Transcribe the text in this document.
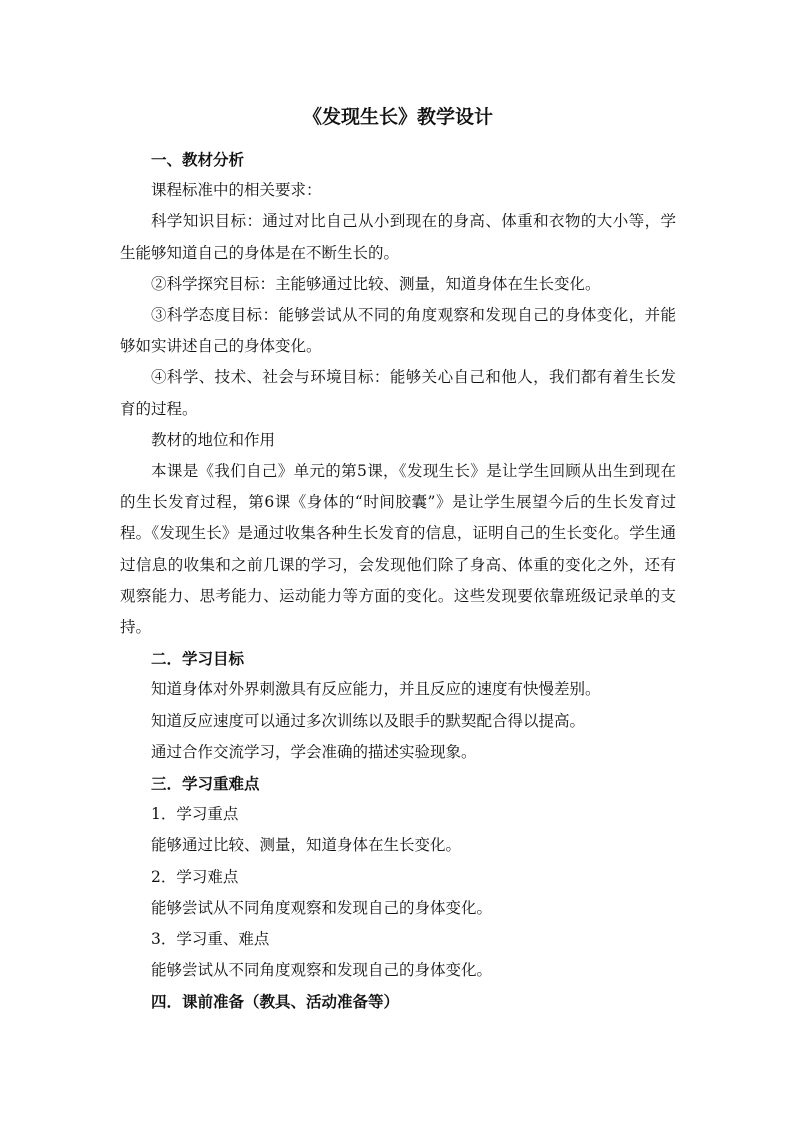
《发现生长》教学设计

一、教材分析

课程标准中的相关要求：

科学知识目标：通过对比自己从小到现在的身高、体重和衣物的大小等，学生能够知道自己的身体是在不断生长的。

②科学探究目标：主能够通过比较、测量，知道身体在生长变化。

③科学态度目标：能够尝试从不同的角度观察和发现自己的身体变化，并能够如实讲述自己的身体变化。

④科学、技术、社会与环境目标：能够关心自己和他人，我们都有着生长发育的过程。

教材的地位和作用

本课是《我们自己》单元的第5课，《发现生长》是让学生回顾从出生到现在的生长发育过程，第6课《身体的“时间胶囊”》是让学生展望今后的生长发育过程。《发现生长》是通过收集各种生长发育的信息，证明自己的生长变化。学生通过信息的收集和之前几课的学习，会发现他们除了身高、体重的变化之外，还有观察能力、思考能力、运动能力等方面的变化。这些发现要依靠班级记录单的支持。

二．学习目标

知道身体对外界刺激具有反应能力，并且反应的速度有快慢差别。

知道反应速度可以通过多次训练以及眼手的默契配合得以提高。

通过合作交流学习，学会准确的描述实验现象。

三．学习重难点

1．学习重点

能够通过比较、测量，知道身体在生长变化。

2．学习难点

能够尝试从不同角度观察和发现自己的身体变化。

3．学习重、难点

能够尝试从不同角度观察和发现自己的身体变化。

四．课前准备（教具、活动准备等）
